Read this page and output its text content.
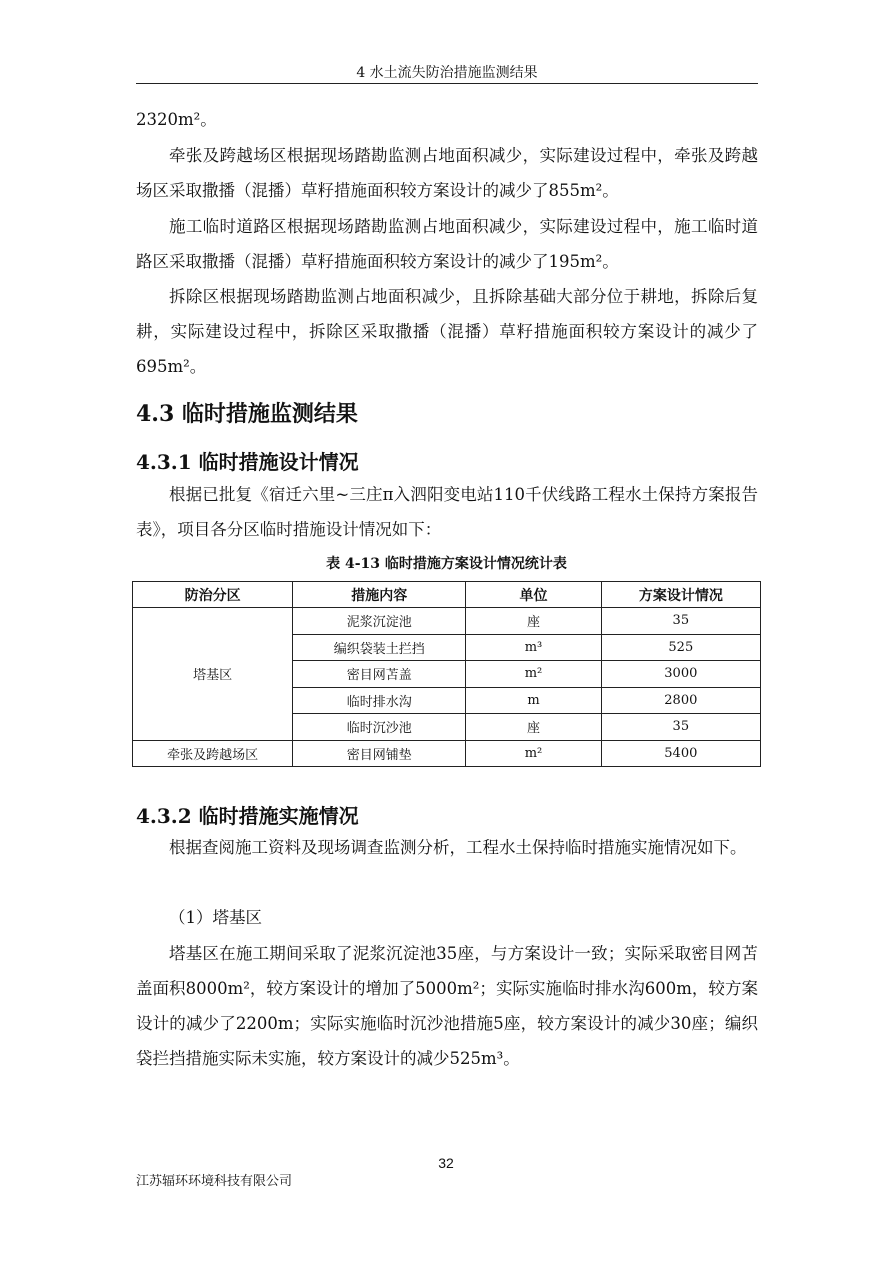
4 水土流失防治措施监测结果
2320m²。
牵张及跨越场区根据现场踏勘监测占地面积减少，实际建设过程中，牵张及跨越场区采取撒播（混播）草籽措施面积较方案设计的减少了855m²。
施工临时道路区根据现场踏勘监测占地面积减少，实际建设过程中，施工临时道路区采取撒播（混播）草籽措施面积较方案设计的减少了195m²。
拆除区根据现场踏勘监测占地面积减少，且拆除基础大部分位于耕地，拆除后复耕，实际建设过程中，拆除区采取撒播（混播）草籽措施面积较方案设计的减少了695m²。
4.3 临时措施监测结果
4.3.1 临时措施设计情况
根据已批复《宿迁六里~三庄π入泗阳变电站110千伏线路工程水土保持方案报告表》，项目各分区临时措施设计情况如下：
表 4-13 临时措施方案设计情况统计表
防治分区	措施内容	单位	方案设计情况
塔基区	泥浆沉淀池	座	35
	编织袋装土拦挡	m³	525
	密目网苫盖	m²	3000
	临时排水沟	m	2800
	临时沉沙池	座	35
牵张及跨越场区	密目网铺垫	m²	5400
4.3.2 临时措施实施情况
根据查阅施工资料及现场调查监测分析，工程水土保持临时措施实施情况如下。
（1）塔基区
塔基区在施工期间采取了泥浆沉淀池35座，与方案设计一致；实际采取密目网苫盖面积8000m²，较方案设计的增加了5000m²；实际实施临时排水沟600m，较方案设计的减少了2200m；实际实施临时沉沙池措施5座，较方案设计的减少30座；编织袋拦挡措施实际未实施，较方案设计的减少525m³。
32
江苏辐环环境科技有限公司
